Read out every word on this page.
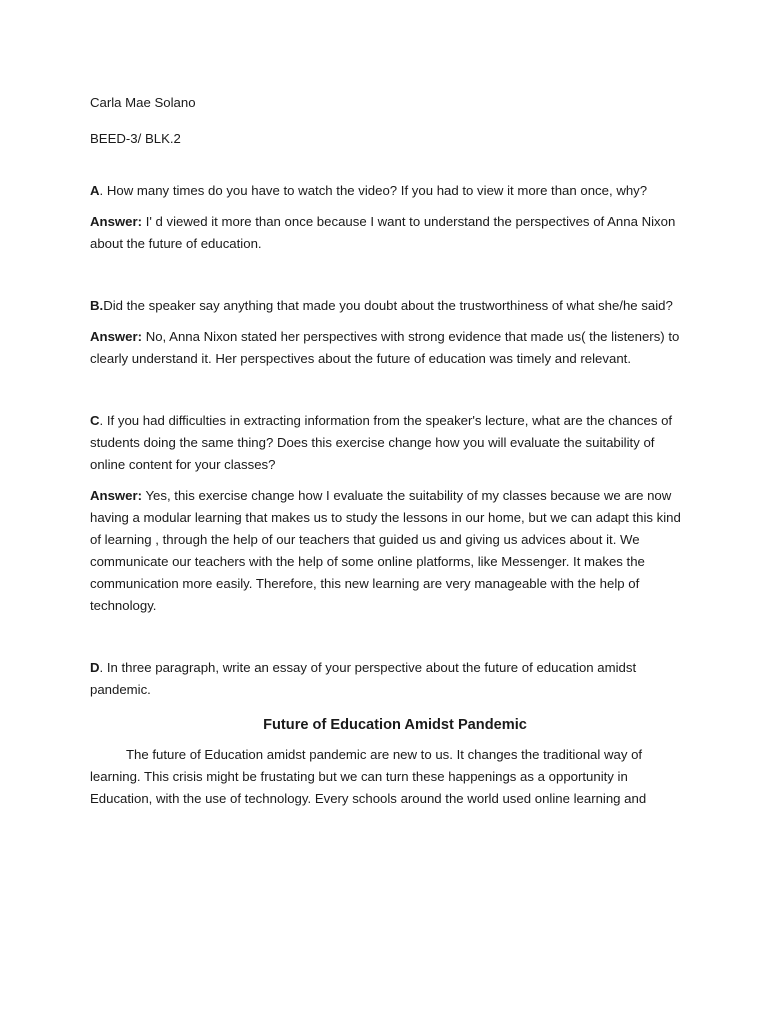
Carla Mae Solano

BEED-3/ BLK.2

A. How many times do you have to watch the video? If you had to view it more than once, why?

Answer: I' d viewed it more than once because I want to understand the perspectives of Anna Nixon about the future of education.

B.Did the speaker say anything that made you doubt about the trustworthiness of what she/he said?

Answer: No, Anna Nixon stated her perspectives with strong evidence that made us( the listeners) to clearly understand it. Her perspectives about the future of education was timely and relevant.

C. If you had difficulties in extracting information from the speaker's lecture, what are the chances of students doing the same thing? Does this exercise change how you will evaluate the suitability of online content for your classes?

Answer: Yes, this exercise change how I evaluate the suitability of my classes because we are now having a modular learning that makes us to study the lessons in our home, but we can adapt this kind of learning , through the help of our teachers that guided us and giving us advices about it. We communicate our teachers with the help of some online platforms, like Messenger. It makes the communication more easily. Therefore, this new learning are very manageable with the help of technology.

D. In three paragraph, write an essay of your perspective about the future of education amidst pandemic.

Future of Education Amidst Pandemic

The future of Education amidst pandemic are new to us. It changes the traditional way of learning. This crisis might be frustating but we can turn these happenings as a opportunity in Education, with the use of technology. Every schools around the world used online learning and
